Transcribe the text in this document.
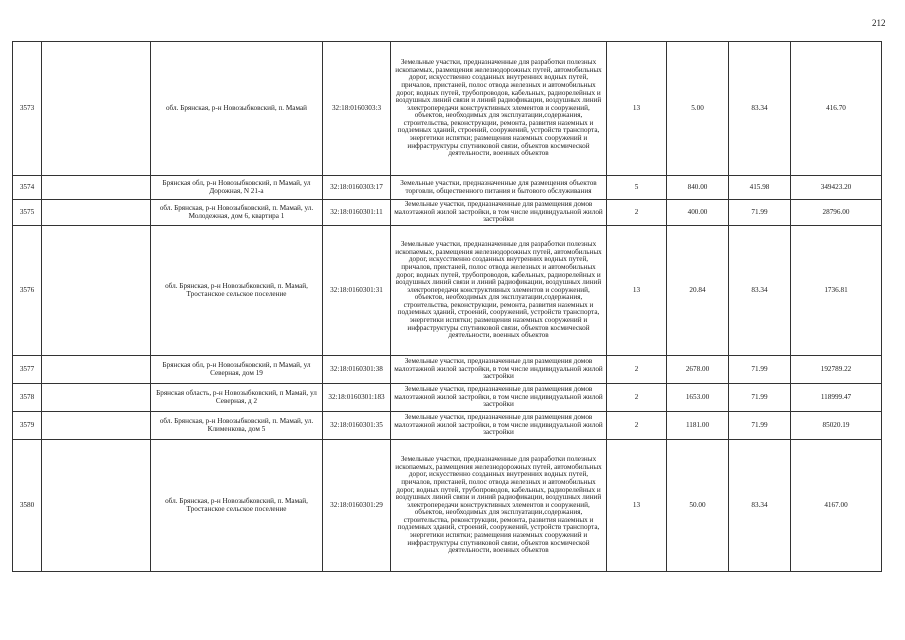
212
3573		обл. Брянская, р-н Новозыбковский, п. Мамай	32:18:0160303:3	Земельные участки, предназначенные для разработки полезных ископаемых, размещения железнодорожных путей, автомобильных дорог, искусственно созданных внутренних водных путей, причалов, пристаней, полос отвода железных и автомобильных дорог, водных путей, трубопроводов, кабельных, радиорелейных и воздушных линий связи и линий радиофикации, воздушных линий электропередачи конструктивных элементов и сооружений, объектов, необходимых для эксплуатации,содержания, строительства, реконструкции, ремонта, развития наземных и подземных зданий, строений, сооружений, устройств транспорта, энергетики испятки; размещения наземных сооружений и инфраструктуры спутниковой связи, объектов космической деятельности, военных объектов	13	5.00	83.34	416.70
3574		Брянская обл, р-н Новозыбковский, п Мамай, ул Дорожная, N 21-а	32:18:0160303:17	Земельные участки, предназначенные для размещения объектов торговли, общественного питания и бытового обслуживания	5	840.00	415.98	349423.20
3575		обл. Брянская, р-н Новозыбковский, п. Мамай, ул. Молодежная, дом 6, квартира 1	32:18:0160301:11	Земельные участки, предназначенные для размещения домов малоэтажной жилой застройки, в том числе индивидуальной жилой застройки	2	400.00	71.99	28796.00
3576		обл. Брянская, р-н Новозыбковский, п. Мамай, Тростанское сельское поселение	32:18:0160301:31	Земельные участки, предназначенные для разработки полезных ископаемых, размещения железнодорожных путей, автомобильных дорог, искусственно созданных внутренних водных путей, причалов, пристаней, полос отвода железных и автомобильных дорог, водных путей, трубопроводов, кабельных, радиорелейных и воздушных линий связи и линий радиофикации, воздушных линий электропередачи конструктивных элементов и сооружений, объектов, необходимых для эксплуатации,содержания, строительства, реконструкции, ремонта, развития наземных и подземных зданий, строений, сооружений, устройств транспорта, энергетики испятки; размещения наземных сооружений и инфраструктуры спутниковой связи, объектов космической деятельности, военных объектов	13	20.84	83.34	1736.81
3577		Брянская обл, р-н Новозыбковский, п Мамай, ул Северная, дом 19	32:18:0160301:38	Земельные участки, предназначенные для размещения домов малоэтажной жилой застройки, в том числе индивидуальной жилой застройки	2	2678.00	71.99	192789.22
3578		Брянская область, р-н Новозыбковский, п Мамай, ул Северная, д 2	32:18:0160301:183	Земельные участки, предназначенные для размещения домов малоэтажной жилой застройки, в том числе индивидуальной жилой застройки	2	1653.00	71.99	118999.47
3579		обл. Брянская, р-н Новозыбковский, п. Мамай, ул. Клименкова, дом 5	32:18:0160301:35	Земельные участки, предназначенные для размещения домов малоэтажной жилой застройки, в том числе индивидуальной жилой застройки	2	1181.00	71.99	85020.19
3580		обл. Брянская, р-н Новозыбковский, п. Мамай, Тростанское сельское поселение	32:18:0160301:29	Земельные участки, предназначенные для разработки полезных ископаемых, размещения железнодорожных путей, автомобильных дорог, искусственно созданных внутренних водных путей, причалов, пристаней, полос отвода железных и автомобильных дорог, водных путей, трубопроводов, кабельных, радиорелейных и воздушных линий связи и линий радиофикации, воздушных линий электропередачи конструктивных элементов и сооружений, объектов, необходимых для эксплуатации,содержания, строительства, реконструкции, ремонта, развития наземных и подземных зданий, строений, сооружений, устройств транспорта, энергетики испятки; размещения наземных сооружений и инфраструктуры спутниковой связи, объектов космической деятельности, военных объектов	13	50.00	83.34	4167.00
